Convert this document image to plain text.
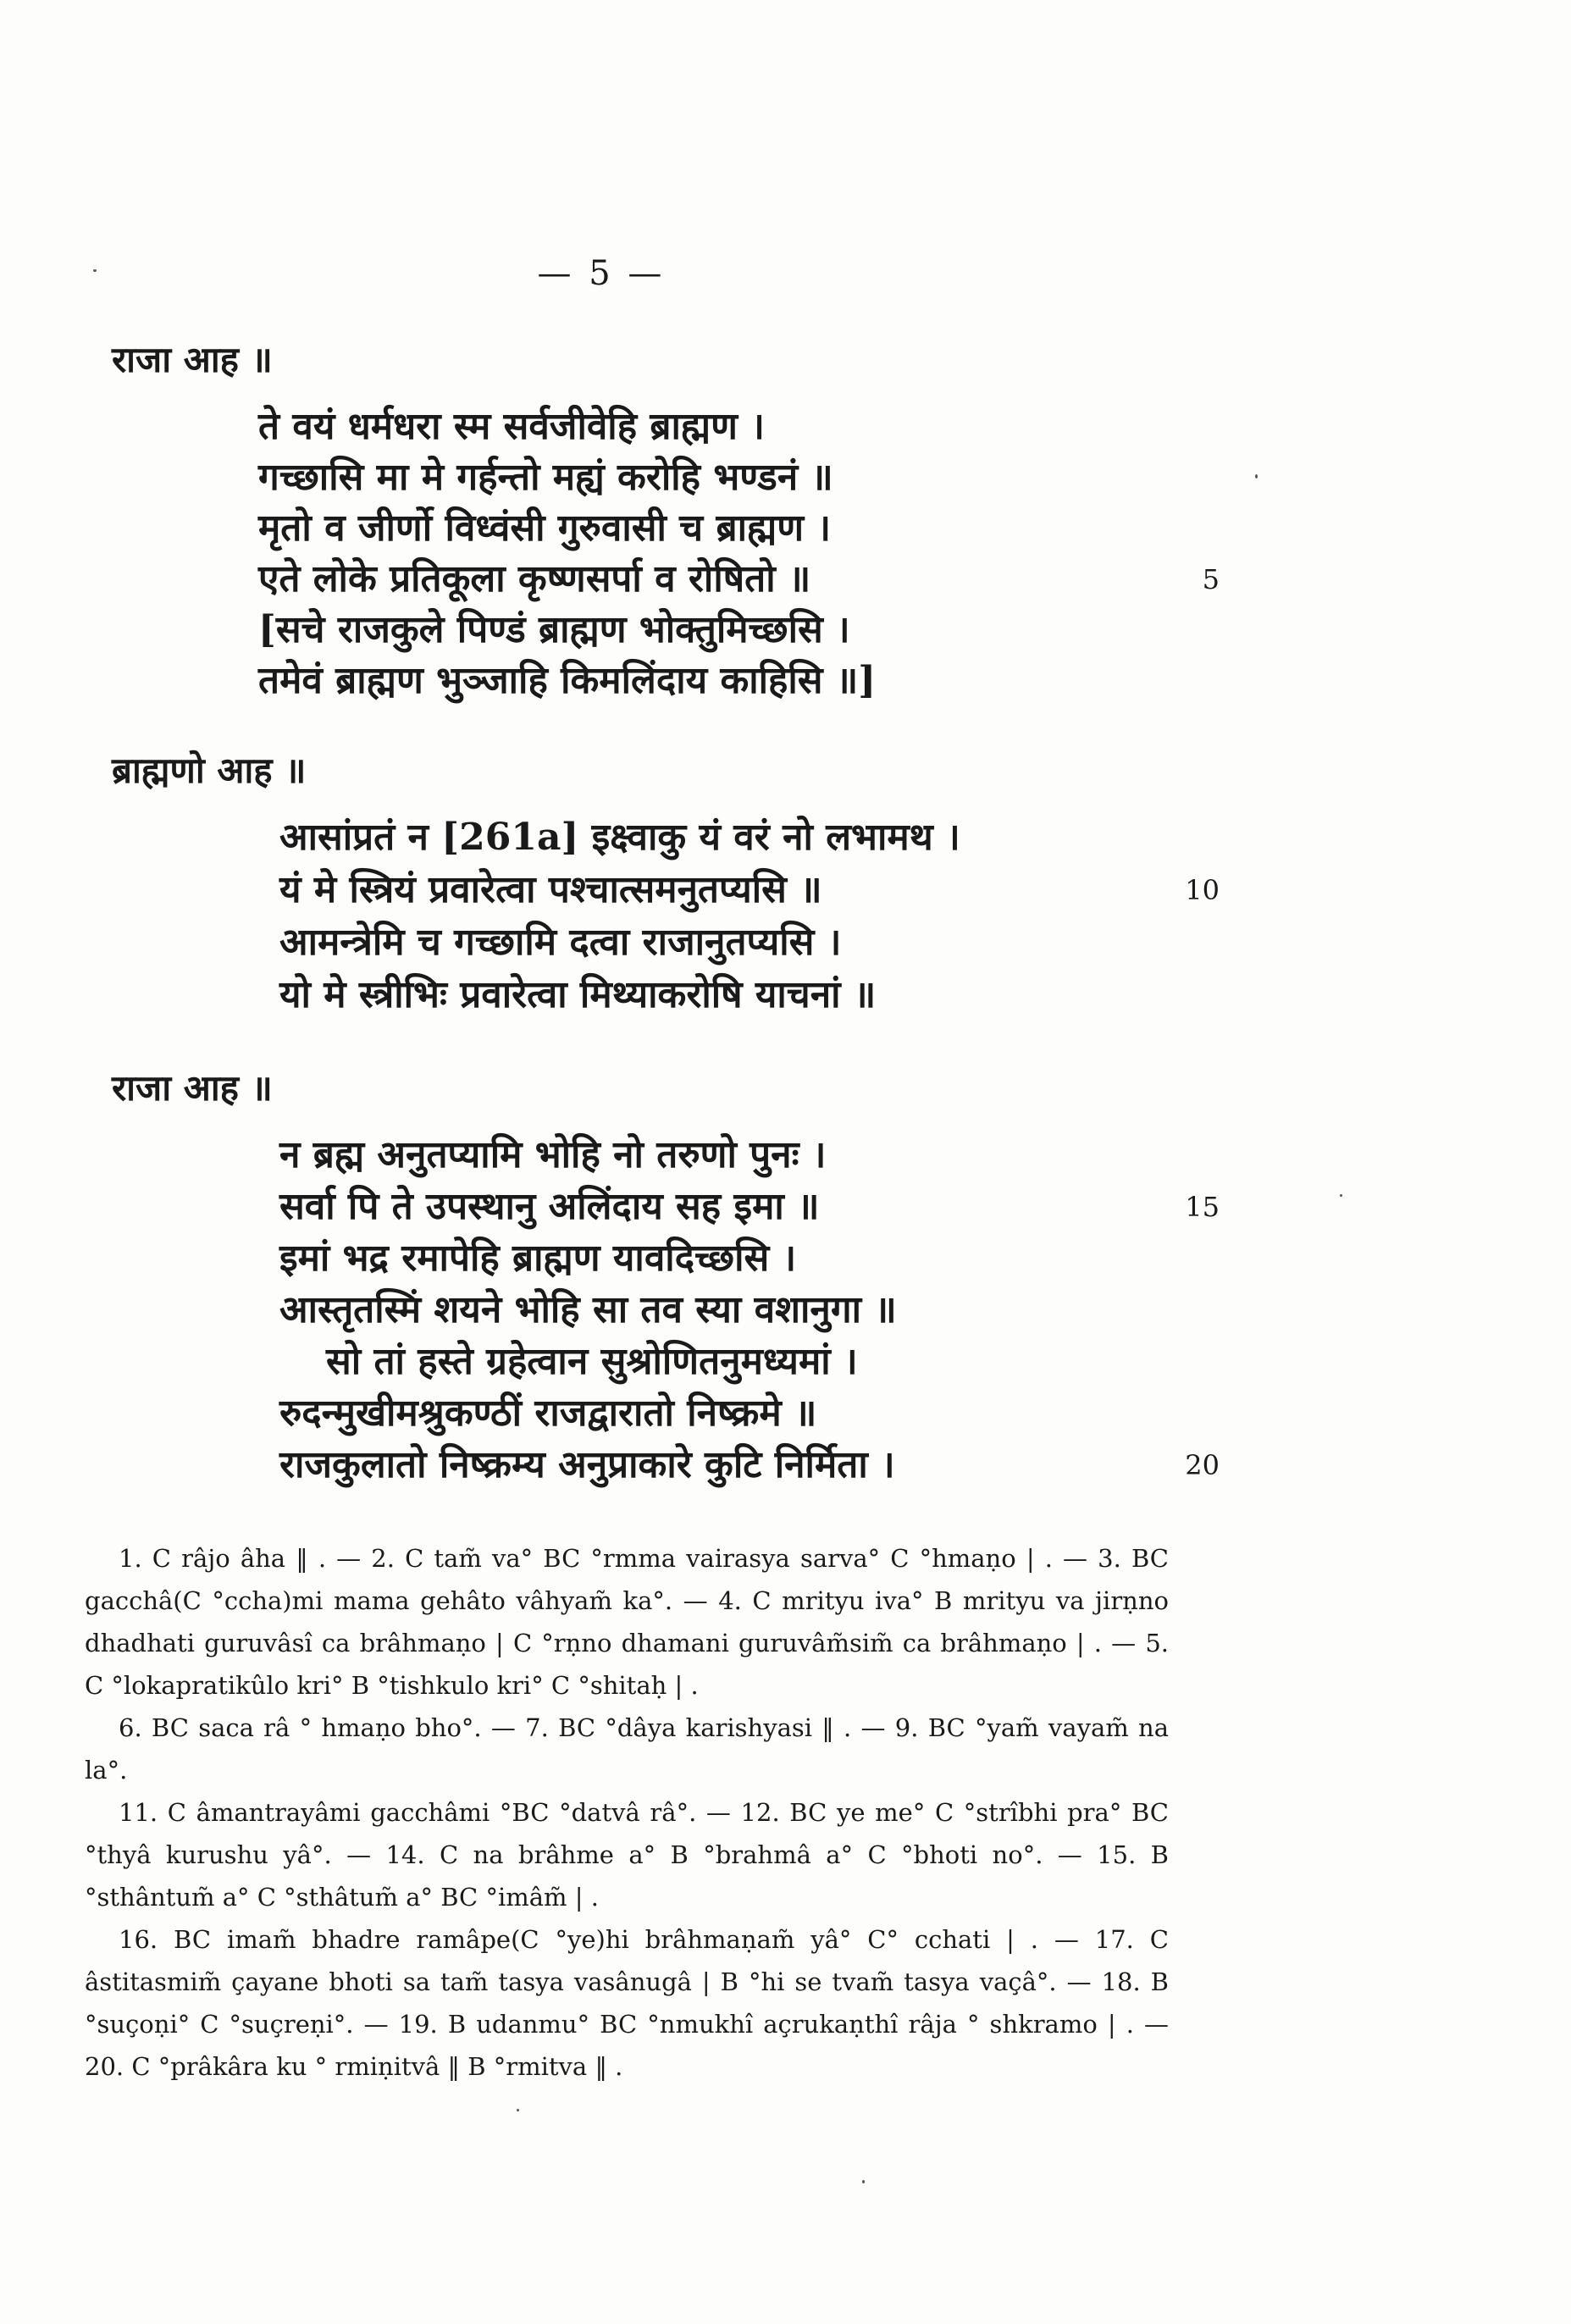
— 5 —
राजा आह ॥
ते वयं धर्मधरा स्म सर्वजीवेहि ब्राह्मण ।
गच्छासि मा मे गर्हन्तो मह्यं करोहि भण्डनं ॥
मृतो व जीर्णो विध्वंसी गुरुवासी च ब्राह्मण ।
एते लोके प्रतिकूला कृष्णसर्पा व रोषितो ॥	5
[सचे राजकुले पिण्डं ब्राह्मण भोक्तुमिच्छसि ।
तमेवं ब्राह्मण भुञ्जाहि किमलिंदाय काहिसि ॥]
ब्राह्मणो आह ॥
आसांप्रतं न [261a] इक्ष्वाकु यं वरं नो लभामथ ।
यं मे स्त्रियं प्रवारेत्वा पश्चात्समनुतप्यसि ॥	10
आमन्त्रेमि च गच्छामि दत्वा राजानुतप्यसि ।
यो मे स्त्रीभिः प्रवारेत्वा मिथ्याकरोषि याचनां ॥
राजा आह ॥
न ब्रह्म अनुतप्यामि भोहि नो तरुणो पुनः ।
सर्वा पि ते उपस्थानु अलिंदाय सह इमा ॥	15
इमां भद्र रमापेहि ब्राह्मण यावदिच्छसि ।
आस्तृतस्मिं शयने भोहि सा तव स्या वशानुगा ॥
सो तां हस्ते ग्रहेत्वान सुश्रोणितनुमध्यमां ।
रुदन्मुखीमश्रुकण्ठीं राजद्वारातो निष्क्रमे ॥
राजकुलातो निष्क्रम्य अनुप्राकारे कुटि निर्मिता ।	20

1. C râjo âha ‖ . — 2. C tam̃ va° BC °rmma vairasya sarva° C °hmaṇo | . — 3. BC gacchâ(C °ccha)mi mama gehâto vâhyam̃ ka°. — 4. C mrityu iva° B mrityu va jirṇno dhadhati guruvâsî ca brâhmaṇo | C °rṇno dhamani guruvâm̃sim̃ ca brâhmaṇo | . — 5. C °lokapratikûlo kri° B °tishkulo kri° C °shitaḥ | .

6. BC saca râ ° hmaṇo bho°. — 7. BC °dâya karishyasi ‖ . — 9. BC °yam̃ vayam̃ na la°.

11. C âmantrayâmi gacchâmi °BC °datvâ râ°. — 12. BC ye me° C °strîbhi pra° BC °thyâ kurushu yâ°. — 14. C na brâhme a° B °brahmâ a° C °bhoti no°. — 15. B °sthântum̃ a° C °sthâtum̃ a° BC °imâm̃ | .

16. BC imam̃ bhadre ramâpe(C °ye)hi brâhmaṇam̃ yâ° C° cchati | . — 17. C âstitasmim̃ çayane bhoti sa tam̃ tasya vasânugâ | B °hi se tvam̃ tasya vaçâ°. — 18. B °suçoṇi° C °suçreṇi°. — 19. B udanmu° BC °nmukhî açrukaṇthî râja ° shkramo | . — 20. C °prâkâra ku ° rmiṇitvâ ‖ B °rmitva ‖ .
